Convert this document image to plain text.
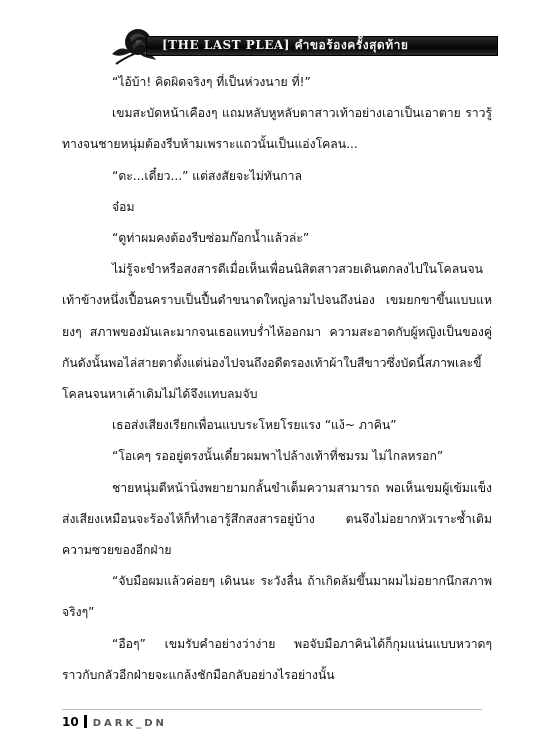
[THE LAST PLEA] คำขอร้องครั้งสุดท้าย

“ไอ้บ้า! คิดผิดจริงๆ ที่เป็นห่วงนาย ที่!”

เขมสะบัดหน้าเคืองๆ แถมหลับหูหลับตาสาวเท้าอย่างเอาเป็นเอาตาย ราวรู้ทางจนชายหนุ่มต้องรีบห้ามเพราะแถวนั้นเป็นแอ่งโคลน...

“ดะ...เดี๋ยว...” แต่สงสัยจะไม่ทันกาล

จ๋อม

“ดูท่าผมคงต้องรีบซ่อมก๊อกน้ำแล้วล่ะ”

ไม่รู้จะขำหรือสงสารดีเมื่อเห็นเพื่อนนิสิตสาวสวยเดินตกลงไปในโคลนจนเท้าข้างหนึ่งเปื้อนคราบเป็นปื้นดำขนาดใหญ่ลามไปจนถึงน่อง เขมยกขาขึ้นแบบแหยงๆ สภาพของมันเละมากจนเธอแทบร่ำไห้ออกมา ความสะอาดกับผู้หญิงเป็นของคู่กันดังนั้นพอไล่สายตาตั้งแต่น่องไปจนถึงอดีตรองเท้าผ้าใบสีขาวซึ่งบัดนี้สภาพเละขี้โคลนจนหาเค้าเดิมไม่ได้จึงแทบลมจับ

เธอส่งเสียงเรียกเพื่อนแบบระโหยโรยแรง “แง้~ ภาคิน”

“โอเคๆ รออยู่ตรงนั้นเดี๋ยวผมพาไปล้างเท้าที่ชมรม ไม่ไกลหรอก”

ชายหนุ่มตีหน้านิ่งพยายามกลั้นขำเต็มความสามารถ พอเห็นเขมผู้เข้มแข็งส่งเสียงเหมือนจะร้องไห้ก็ทำเอารู้สึกสงสารอยู่บ้าง ตนจึงไม่อยากหัวเราะซ้ำเติมความซวยของอีกฝ่าย

“จับมือผมแล้วค่อยๆ เดินนะ ระวังลื่น ถ้าเกิดล้มขึ้นมาผมไม่อยากนึกสภาพจริงๆ”

“อือๆ” เขมรับคำอย่างว่าง่าย พอจับมือภาคินได้ก็กุมแน่นแบบหวาดๆ ราวกับกลัวอีกฝ่ายจะแกล้งชักมือกลับอย่างไรอย่างนั้น

10 DARK_DN
